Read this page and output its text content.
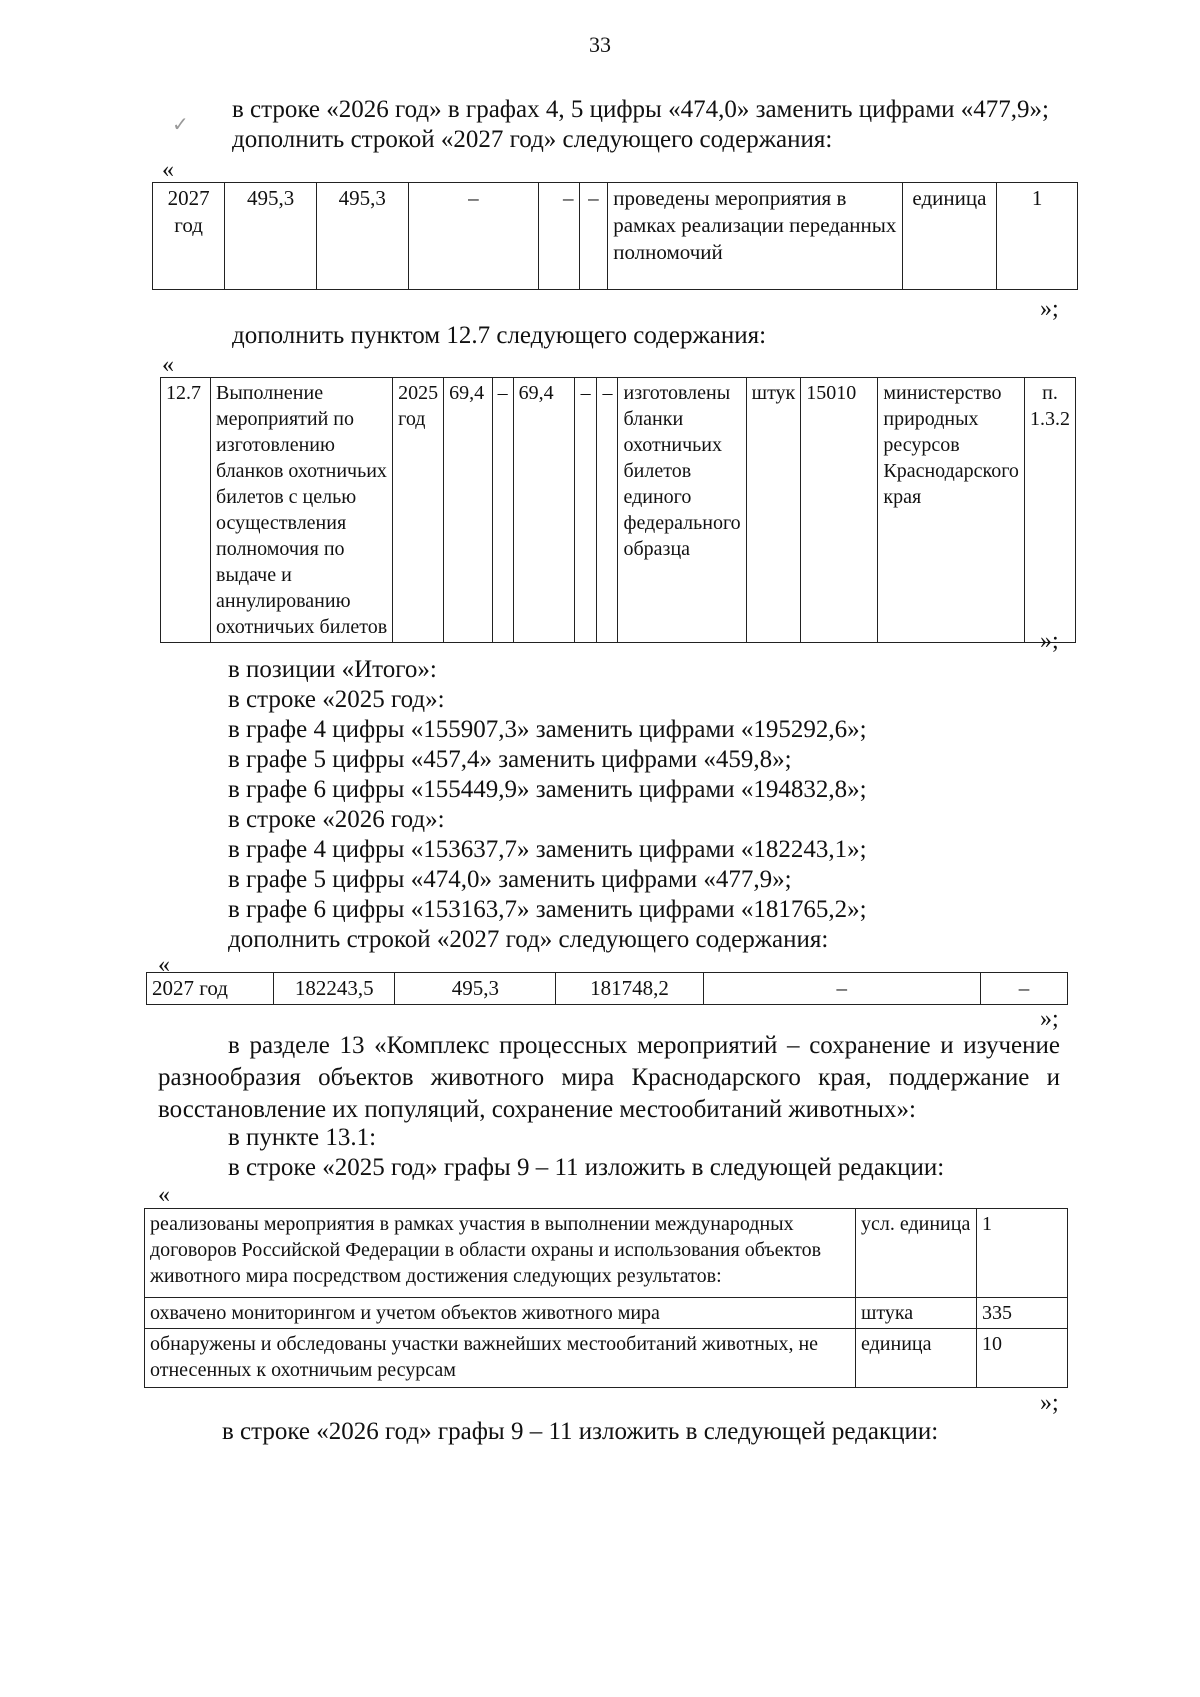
33
✓
в строке «2026 год» в графах 4, 5 цифры «474,0» заменить цифрами «477,9»;
дополнить строкой «2027 год» следующего содержания:
«
2027 год	495,3	495,3	–	–	–	проведены мероприятия в рамках реализации переданных полномочий	единица	1
»;
дополнить пунктом 12.7 следующего содержания:
«
12.7	Выполнение мероприятий по изготовлению бланков охотничьих билетов с целью осуществления полномочия по выдаче и аннулированию охотничьих билетов	2025 год	69,4	–	69,4	–	–	изготовлены бланки охотничьих билетов единого федерального образца	штук	15010	министерство природных ресурсов Краснодарского края	п. 1.3.2
»;
в позиции «Итого»:
в строке «2025 год»:
в графе 4 цифры «155907,3» заменить цифрами «195292,6»;
в графе 5 цифры «457,4» заменить цифрами «459,8»;
в графе 6 цифры «155449,9» заменить цифрами «194832,8»;
в строке «2026 год»:
в графе 4 цифры «153637,7» заменить цифрами «182243,1»;
в графе 5 цифры «474,0» заменить цифрами «477,9»;
в графе 6 цифры «153163,7» заменить цифрами «181765,2»;
дополнить строкой «2027 год» следующего содержания:
«
2027 год	182243,5	495,3	181748,2	–	–
»;
в разделе 13 «Комплекс процессных мероприятий – сохранение и изучение разнообразия объектов животного мира Краснодарского края, поддержание и восстановление их популяций, сохранение местообитаний животных»:
в пункте 13.1:
в строке «2025 год» графы 9 – 11 изложить в следующей редакции:
«
реализованы мероприятия в рамках участия в выполнении международных договоров Российской Федерации в области охраны и использования объектов животного мира посредством достижения следующих результатов:	усл. единица	1
охвачено мониторингом и учетом объектов животного мира	штука	335
обнаружены и обследованы участки важнейших местообитаний животных, не отнесенных к охотничьим ресурсам	единица	10
»;
в строке «2026 год» графы 9 – 11 изложить в следующей редакции:
